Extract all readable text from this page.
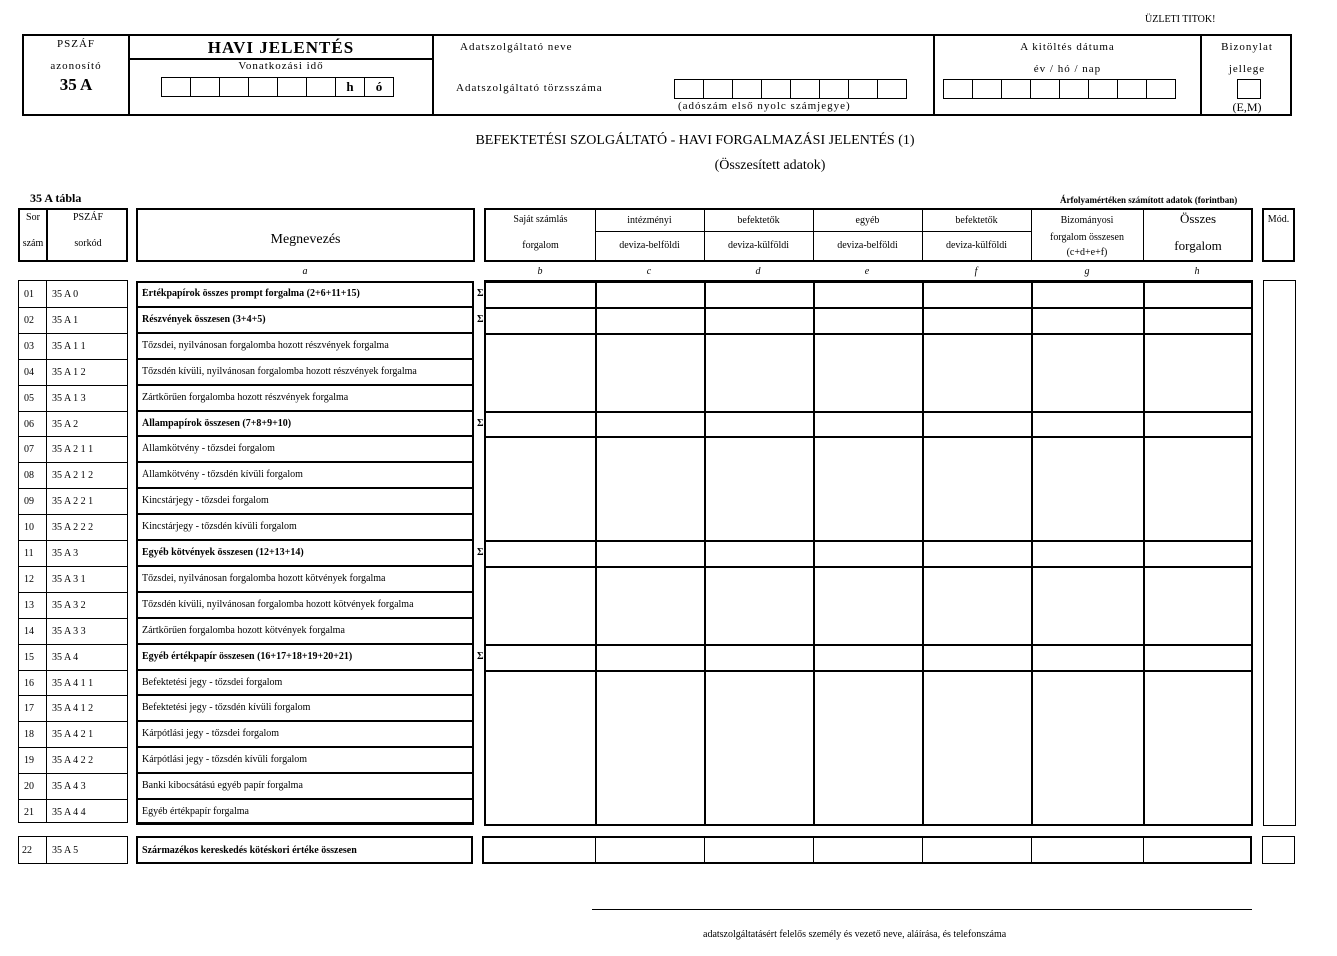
ÜZLETI TITOK!
PSZÁF
azonosító
35 A
HAVI JELENTÉS
Vonatkozási idő
h ó
Adatszolgáltató neve
Adatszolgáltató törzsszáma
(adószám első nyolc számjegye)
A kitöltés dátuma
év / hó / nap
Bizonylat
jellege
(E,M)
BEFEKTETÉSI SZOLGÁLTATÓ - HAVI FORGALMAZÁSI JELENTÉS (1)
(Összesített adatok)
35 A tábla	Árfolyamértéken számított adatok (forintban)
Sor
szám
PSZÁF
sorkód	Megnevezés
Saját számlás
forgalom
intézményi	befektetők	egyéb	befektetők
deviza-belföldi	deviza-külföldi	deviza-belföldi	deviza-külföldi
Bizományosi
forgalom összesen
(c+d+e+f)
Összes
forgalom
Mód.
a	b	c	d	e	f	g	h
01	35 A 0	Értékpapírok összes prompt forgalma (2+6+11+15)	Σ
02	35 A 1	Részvények összesen (3+4+5)	Σ
03	35 A 1 1	Tőzsdei, nyilvánosan forgalomba hozott részvények forgalma
04	35 A 1 2	Tőzsdén kívüli, nyilvánosan forgalomba hozott részvények forgalma
05	35 A 1 3	Zártkörűen forgalomba hozott részvények forgalma
06	35 A 2	Állampapírok összesen (7+8+9+10)	Σ
07	35 A 2 1 1	Államkötvény - tőzsdei forgalom
08	35 A 2 1 2	Államkötvény - tőzsdén kívüli forgalom
09	35 A 2 2 1	Kincstárjegy - tőzsdei forgalom
10	35 A 2 2 2	Kincstárjegy - tőzsdén kívüli forgalom
11	35 A 3	Egyéb kötvények összesen (12+13+14)	Σ
12	35 A 3 1	Tőzsdei, nyilvánosan forgalomba hozott kötvények forgalma
13	35 A 3 2	Tőzsdén kívüli, nyilvánosan forgalomba hozott kötvények forgalma
14	35 A 3 3	Zártkörűen forgalomba hozott kötvények forgalma
15	35 A 4	Egyéb értékpapír összesen (16+17+18+19+20+21)	Σ
16	35 A 4 1 1	Befektetési jegy - tőzsdei forgalom
17	35 A 4 1 2	Befektetési jegy - tőzsdén kívüli forgalom
18	35 A 4 2 1	Kárpótlási jegy - tőzsdei forgalom
19	35 A 4 2 2	Kárpótlási jegy - tőzsdén kívüli forgalom
20	35 A 4 3	Banki kibocsátású egyéb papír forgalma
21	35 A 4 4	Egyéb értékpapír forgalma
22	35 A 5	Származékos kereskedés kötéskori értéke összesen
adatszolgáltatásért felelős személy és vezető neve, aláírása, és telefonszáma
